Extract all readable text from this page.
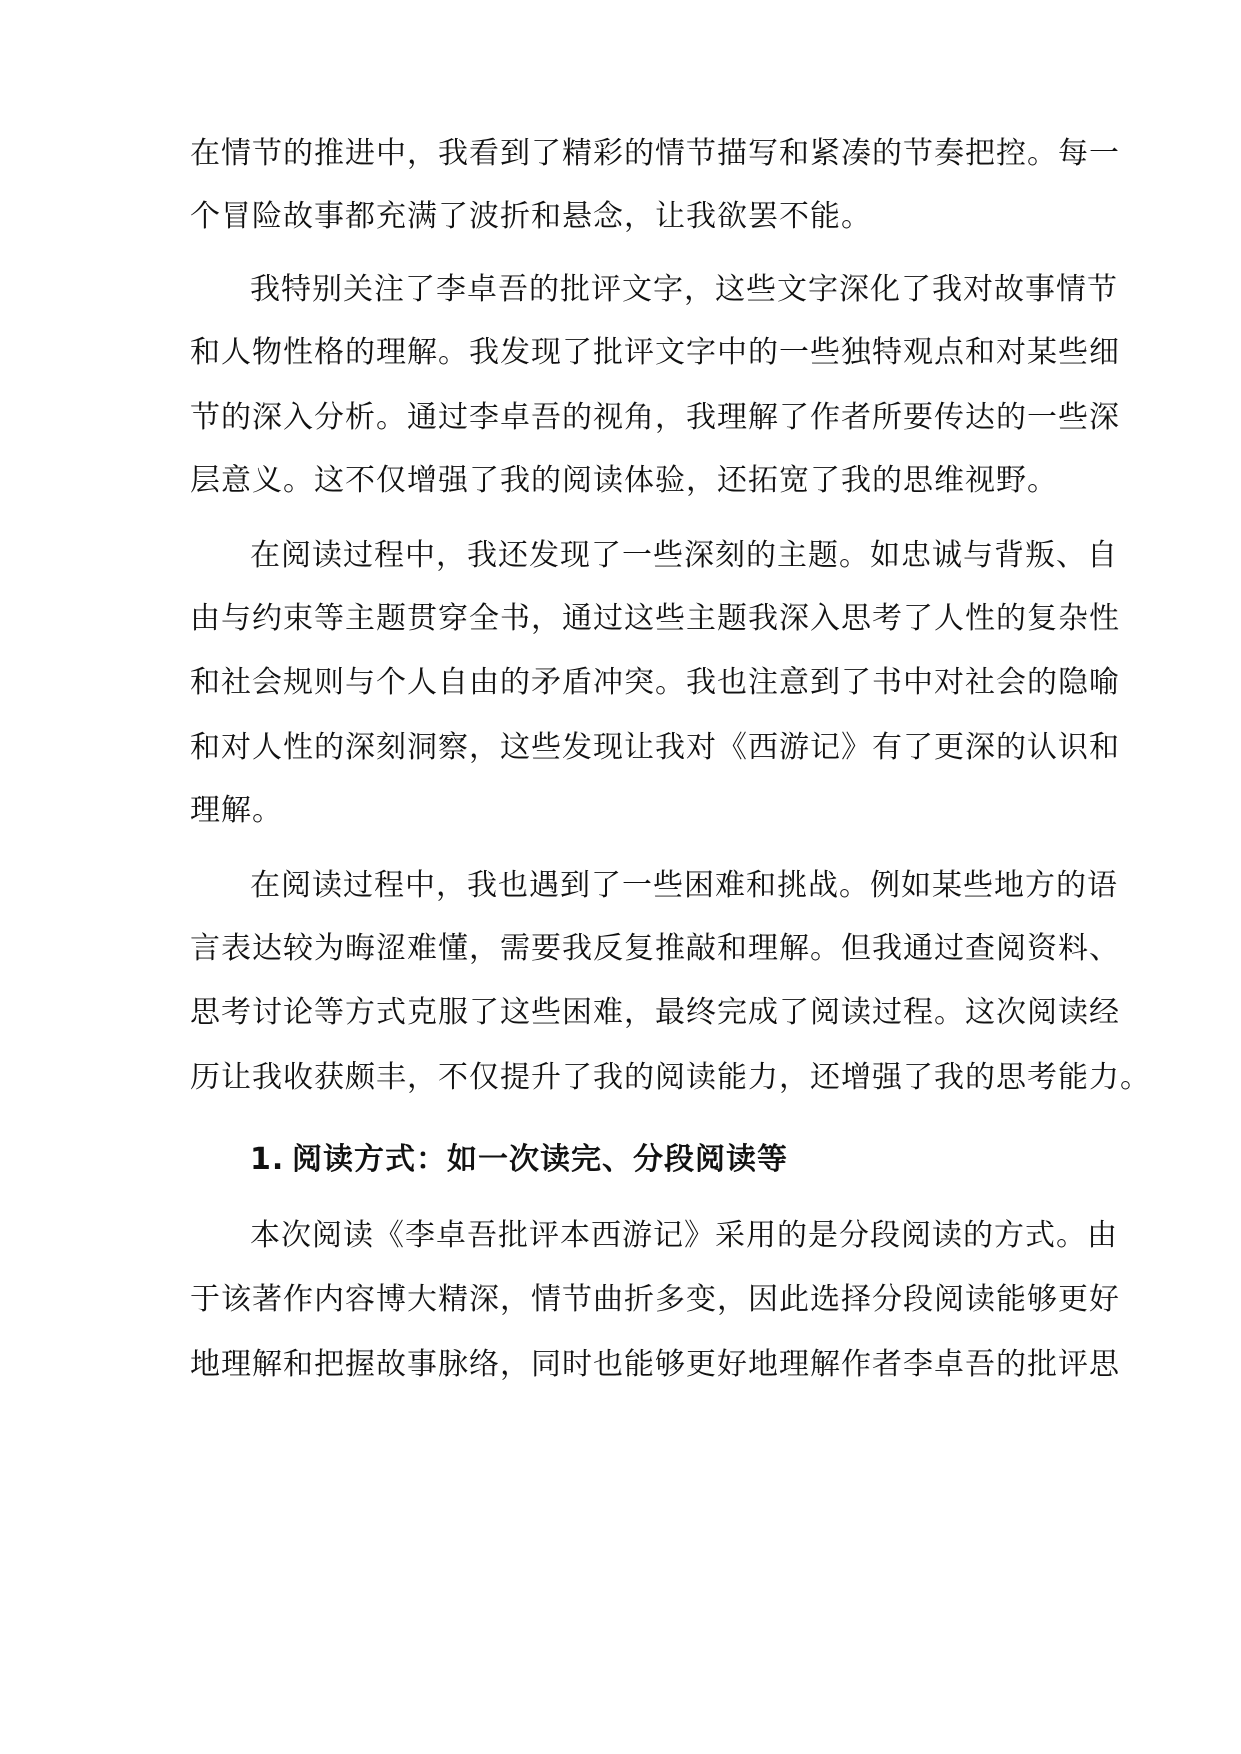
在情节的推进中，我看到了精彩的情节描写和紧凑的节奏把控。每一
个冒险故事都充满了波折和悬念，让我欲罢不能。
我特别关注了李卓吾的批评文字，这些文字深化了我对故事情节
和人物性格的理解。我发现了批评文字中的一些独特观点和对某些细
节的深入分析。通过李卓吾的视角，我理解了作者所要传达的一些深
层意义。这不仅增强了我的阅读体验，还拓宽了我的思维视野。
在阅读过程中，我还发现了一些深刻的主题。如忠诚与背叛、自
由与约束等主题贯穿全书，通过这些主题我深入思考了人性的复杂性
和社会规则与个人自由的矛盾冲突。我也注意到了书中对社会的隐喻
和对人性的深刻洞察，这些发现让我对《西游记》有了更深的认识和
理解。
在阅读过程中，我也遇到了一些困难和挑战。例如某些地方的语
言表达较为晦涩难懂，需要我反复推敲和理解。但我通过查阅资料、
思考讨论等方式克服了这些困难，最终完成了阅读过程。这次阅读经
历让我收获颇丰，不仅提升了我的阅读能力，还增强了我的思考能力。
1. 阅读方式：如一次读完、分段阅读等
本次阅读《李卓吾批评本西游记》采用的是分段阅读的方式。由
于该著作内容博大精深，情节曲折多变，因此选择分段阅读能够更好
地理解和把握故事脉络，同时也能够更好地理解作者李卓吾的批评思
